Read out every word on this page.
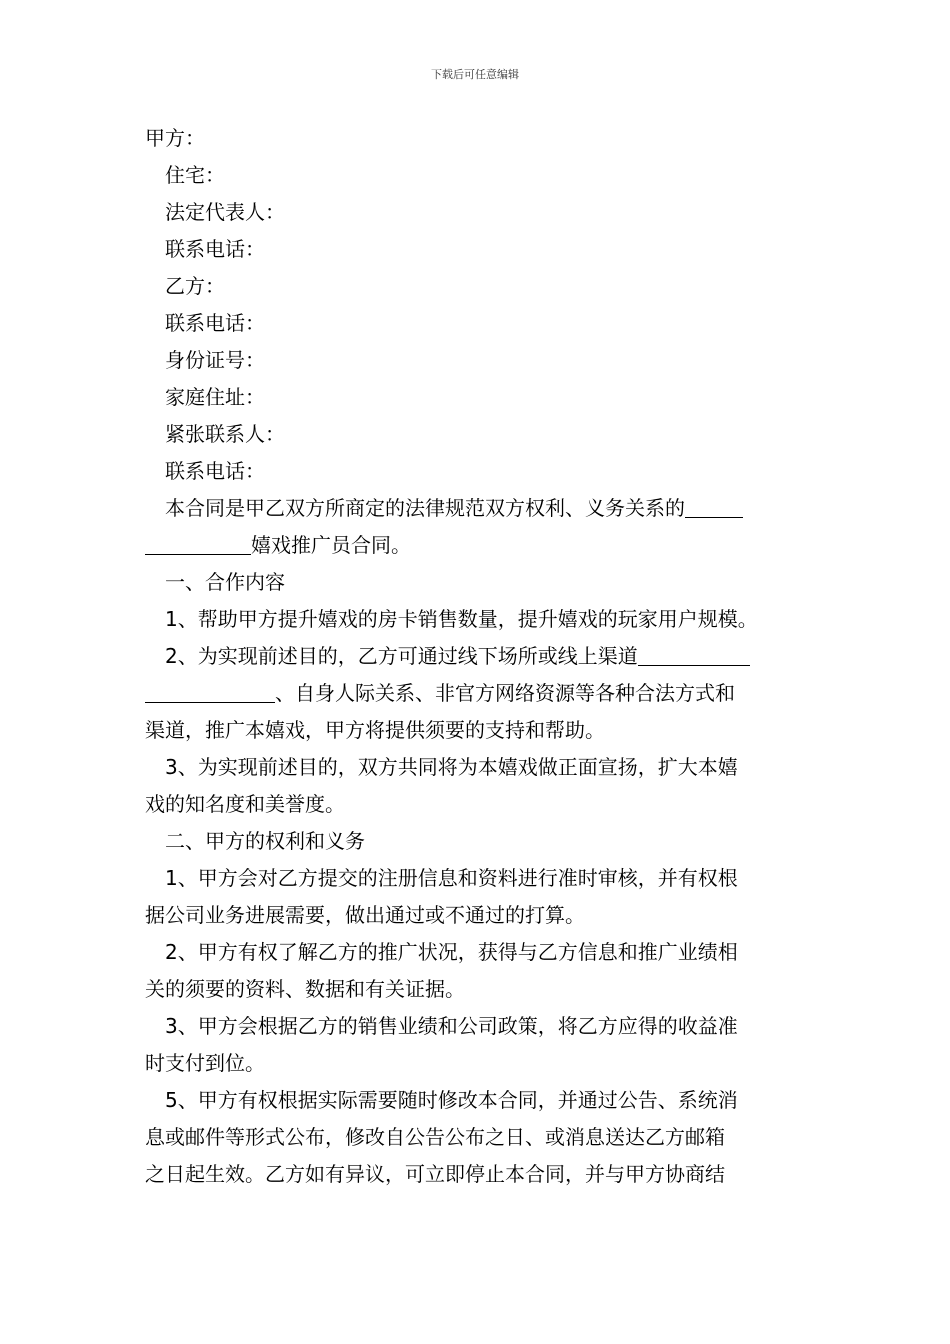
下载后可任意编辑
甲方：
住宅：
法定代表人：
联系电话：
乙方：
联系电话：
身份证号：
家庭住址：
紧张联系人：
联系电话：
本合同是甲乙双方所商定的法律规范双方权利、义务关系的
嬉戏推广员合同。
一、合作内容
1、帮助甲方提升嬉戏的房卡销售数量，提升嬉戏的玩家用户规模。
2、为实现前述目的，乙方可通过线下场所或线上渠道
、自身人际关系、非官方网络资源等各种合法方式和
渠道，推广本嬉戏，甲方将提供须要的支持和帮助。
3、为实现前述目的，双方共同将为本嬉戏做正面宣扬，扩大本嬉
戏的知名度和美誉度。
二、甲方的权利和义务
1、甲方会对乙方提交的注册信息和资料进行准时审核，并有权根
据公司业务进展需要，做出通过或不通过的打算。
2、甲方有权了解乙方的推广状况，获得与乙方信息和推广业绩相
关的须要的资料、数据和有关证据。
3、甲方会根据乙方的销售业绩和公司政策，将乙方应得的收益准
时支付到位。
5、甲方有权根据实际需要随时修改本合同，并通过公告、系统消
息或邮件等形式公布，修改自公告公布之日、或消息送达乙方邮箱
之日起生效。乙方如有异议，可立即停止本合同，并与甲方协商结
